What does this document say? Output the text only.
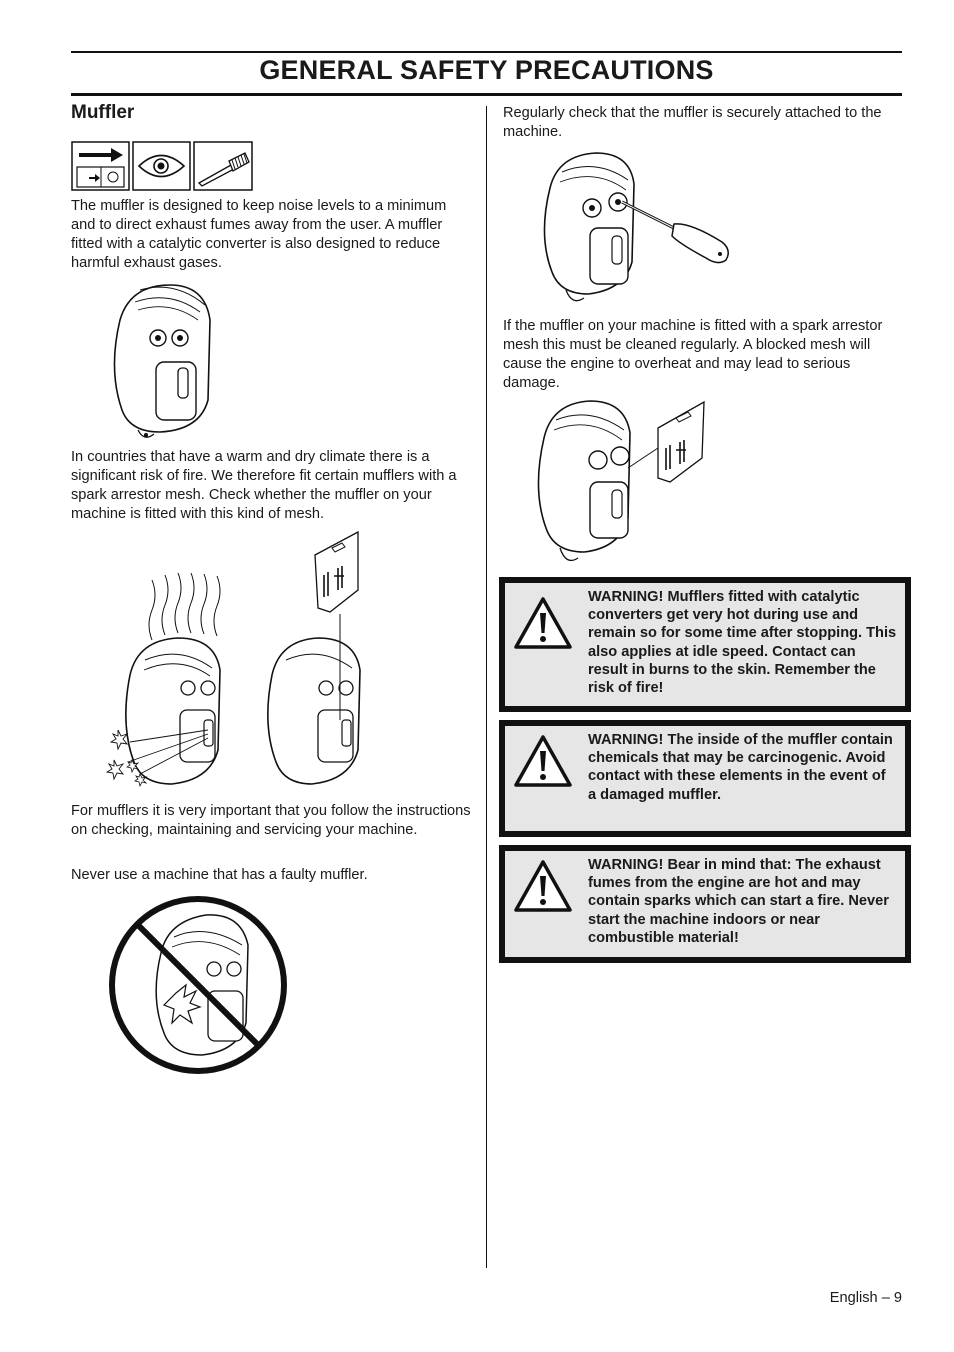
GENERAL SAFETY PRECAUTIONS
Muffler

The muffler is designed to keep noise levels to a minimum and to direct exhaust fumes away from the user. A muffler fitted with a catalytic converter is also designed to reduce harmful exhaust gases.

In countries that have a warm and dry climate there is a significant risk of fire. We therefore fit certain mufflers with a spark arrestor mesh. Check whether the muffler on your machine is fitted with this kind of mesh.

For mufflers it is very important that you follow the instructions on checking, maintaining and servicing your machine.

Never use a machine that has a faulty muffler.

Regularly check that the muffler is securely attached to the machine.

If the muffler on your machine is fitted with a spark arrestor mesh this must be cleaned regularly. A blocked mesh will cause the engine to overheat and may lead to serious damage.

WARNING! Mufflers fitted with catalytic converters get very hot during use and remain so for some time after stopping. This also applies at idle speed. Contact can result in burns to the skin. Remember the risk of fire!

WARNING! The inside of the muffler contain chemicals that may be carcinogenic. Avoid contact with these elements in the event of a damaged muffler.

WARNING! Bear in mind that: The exhaust fumes from the engine are hot and may contain sparks which can start a fire. Never start the machine indoors or near combustible material!

English – 9
